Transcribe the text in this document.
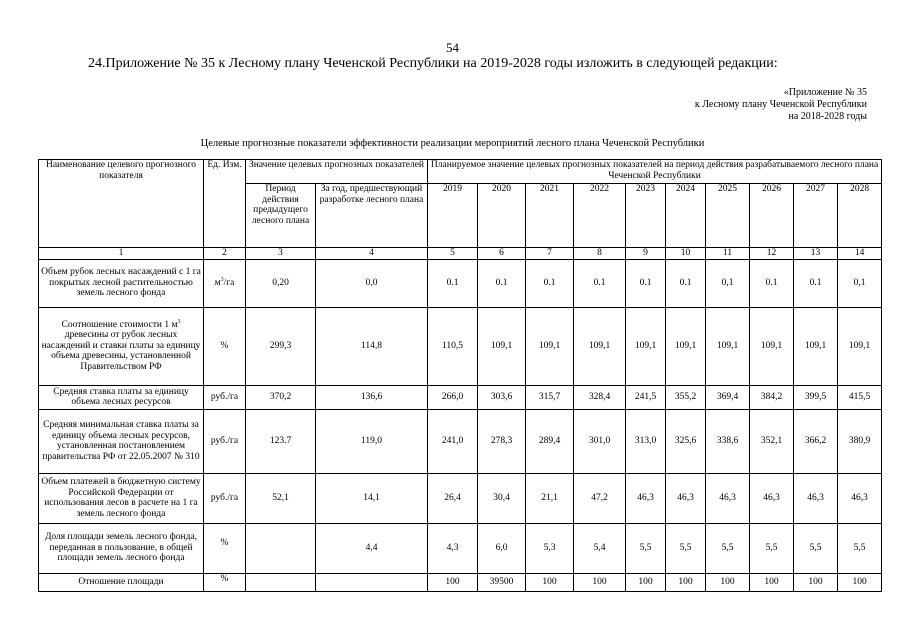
54
24.Приложение № 35 к Лесному плану Чеченской Республики на 2019-2028 годы изложить в следующей редакции:
«Приложение № 35
к Лесному плану Чеченской Республики
на 2018-2028 годы
Целевые прогнозные показатели эффективности реализации мероприятий лесного плана Чеченской Республики
Наименование целевого прогнозного показателя	Ед. Изм.	Значение целевых прогнозных показателей		Планируемое значение целевых прогнозных показателей на период действия разрабатываемого лесного плана Чеченской Республики									
		Период действия предыдущего лесного плана	За год, предшествующий разработке лесного плана	2019	2020	2021	2022	2023	2024	2025	2026	2027	2028
1	2	3	4	5	6	7	8	9	10	11	12	13	14
Объем рубок лесных насаждений с 1 га покрытых лесной растительностью земель лесного фонда	$м^3/га$	0,20	0,0	0.1	0.1	0.1	0.1	0.1	0.1	0,1	0.1	0.1	0,1
Соотношение стоимости 1 $м^3$ древесины от рубок лесных насаждений и ставки платы за единицу объема древесины, установленной Правительством РФ	%	299,3	114,8	110,5	109,1	109,1	109,1	109,1	109,1	109,1	109,1	109,1	109,1
Средняя ставка платы за единицу объема лесных ресурсов	руб./га	370,2	136,6	266,0	303,6	315,7	328,4	241,5	355,2	369,4	384,2	399,5	415,5
Средняя минимальная ставка платы за единицу объема лесных ресурсов, установленная постановлением правительства РФ от 22.05.2007 № 310	руб./га	123.7	119,0	241,0	278,3	289,4	301,0	313,0	325,6	338,6	352,1	366,2	380,9
Объем платежей в бюджетную систему Российской Федерации от использования лесов в расчете на 1 га земель лесного фонда	руб./га	52,1	14,1	26,4	30,4	21,1	47,2	46,3	46,3	46,3	46,3	46,3	46,3
Доля площади земель лесного фонда, переданная в пользование, в общей площади земель лесного фонда	%		4,4	4,3	6,0	5,3	5,4	5,5	5,5	5,5	5,5	5,5	5,5
Отношение площади	%			100	39500	100	100	100	100	100	100	100	100
